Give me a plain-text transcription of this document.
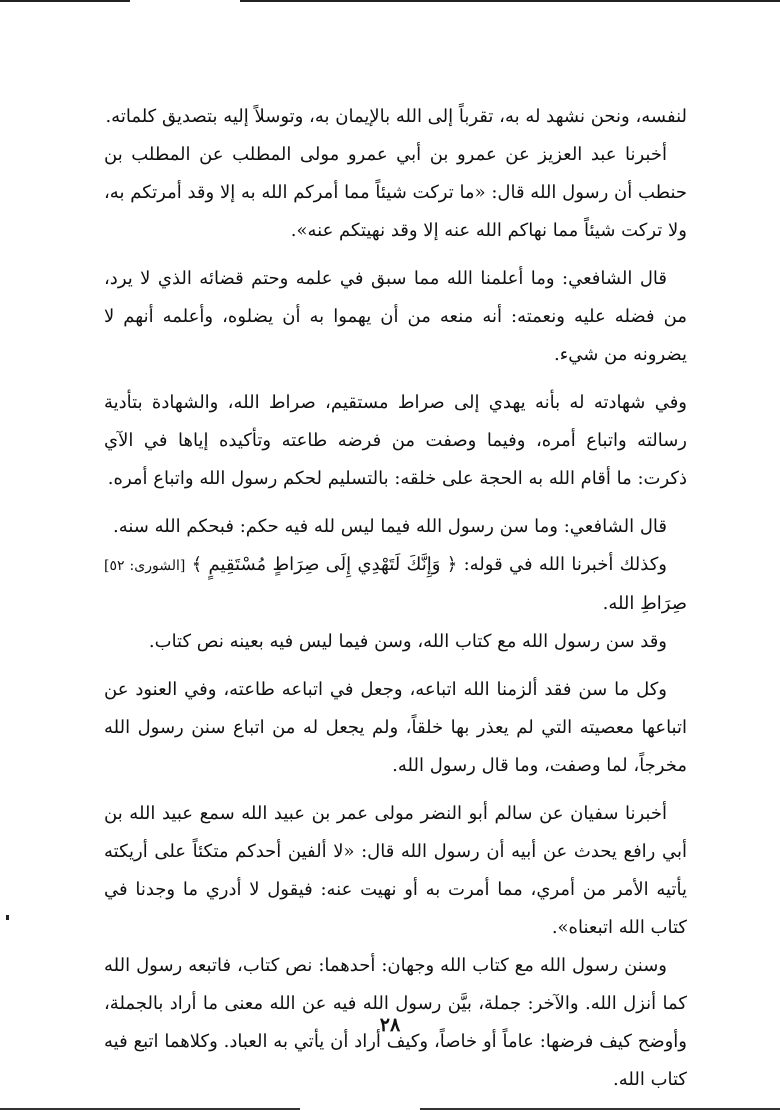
لنفسه، ونحن نشهد له به، تقرباً إلى الله بالإيمان به، وتوسلاً إليه بتصديق كلماته.

أخبرنا عبد العزيز عن عمرو بن أبي عمرو مولى المطلب عن المطلب بن حنطب أن رسول الله قال: «ما تركت شيئاً مما أمركم الله به إلا وقد أمرتكم به، ولا تركت شيئاً مما نهاكم الله عنه إلا وقد نهيتكم عنه».

قال الشافعي: وما أعلمنا الله مما سبق في علمه وحتم قضائه الذي لا يرد، من فضله عليه ونعمته: أنه منعه من أن يهموا به أن يضلوه، وأعلمه أنهم لا يضرونه من شيء.

وفي شهادته له بأنه يهدي إلى صراط مستقيم، صراط الله، والشهادة بتأدية رسالته واتباع أمره، وفيما وصفت من فرضه طاعته وتأكيده إياها في الآي ذكرت: ما أقام الله به الحجة على خلقه: بالتسليم لحكم رسول الله واتباع أمره.

قال الشافعي: وما سن رسول الله فيما ليس لله فيه حكم: فبحكم الله سنه.

وكذلك أخبرنا الله في قوله: ﴿ وَإِنَّكَ لَتَهْدِي إِلَى صِرَاطٍ مُسْتَقِيمٍ ﴾ [الشورى: ٥٢] صِرَاطِ الله.

وقد سن رسول الله مع كتاب الله، وسن فيما ليس فيه بعينه نص كتاب.

وكل ما سن فقد ألزمنا الله اتباعه، وجعل في اتباعه طاعته، وفي العنود عن اتباعها معصيته التي لم يعذر بها خلقاً، ولم يجعل له من اتباع سنن رسول الله مخرجاً، لما وصفت، وما قال رسول الله.

أخبرنا سفيان عن سالم أبو النضر مولى عمر بن عبيد الله سمع عبيد الله بن أبي رافع يحدث عن أبيه أن رسول الله قال: «لا ألفين أحدكم متكئاً على أريكته يأتيه الأمر من أمري، مما أمرت به أو نهيت عنه: فيقول لا أدري ما وجدنا في كتاب الله اتبعناه».

وسنن رسول الله مع كتاب الله وجهان: أحدهما: نص كتاب، فاتبعه رسول الله كما أنزل الله. والآخر: جملة، بيَّن رسول الله فيه عن الله معنى ما أراد بالجملة، وأوضح كيف فرضها: عاماً أو خاصاً، وكيف أراد أن يأتي به العباد. وكلاهما اتبع فيه كتاب الله.

٢٨
